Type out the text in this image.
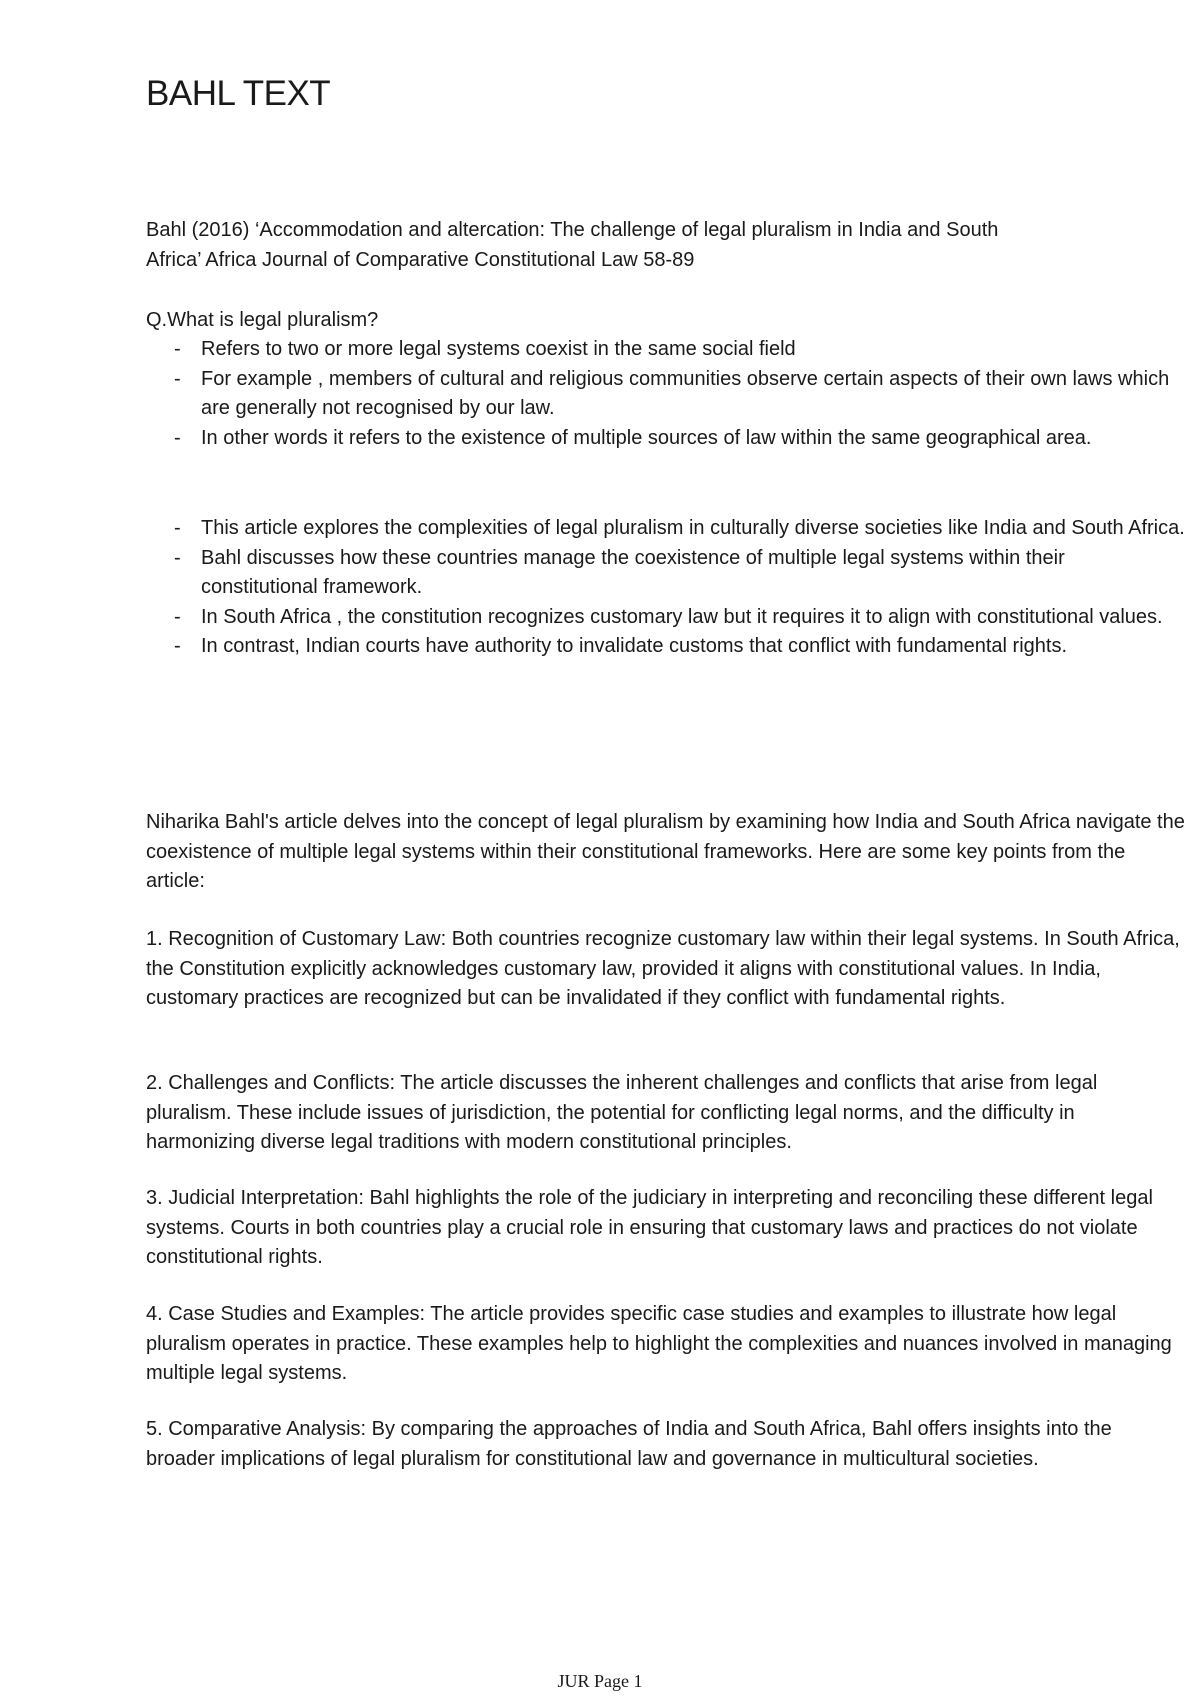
BAHL TEXT

Bahl (2016) ‘Accommodation and altercation: The challenge of legal pluralism in India and South
Africa’ Africa Journal of Comparative Constitutional Law 58-89

Q.What is legal pluralism?

- Refers to two or more legal systems coexist in the same social field
- For example , members of cultural and religious communities observe certain aspects of their own laws which are generally not recognised by our law.
- In other words it refers to the existence of multiple sources of law within the same geographical area.
- This article explores the complexities of legal pluralism in culturally diverse societies like India and South Africa.
- Bahl discusses how these countries manage the coexistence of multiple legal systems within their constitutional framework.
- In South Africa , the constitution recognizes customary law but it requires it to align with constitutional values.
- In contrast, Indian courts have authority to invalidate customs that conflict with fundamental rights.

Niharika Bahl's article delves into the concept of legal pluralism by examining how India and South Africa navigate the coexistence of multiple legal systems within their constitutional frameworks. Here are some key points from the article:

1. Recognition of Customary Law: Both countries recognize customary law within their legal systems. In South Africa, the Constitution explicitly acknowledges customary law, provided it aligns with constitutional values. In India, customary practices are recognized but can be invalidated if they conflict with fundamental rights.

2. Challenges and Conflicts: The article discusses the inherent challenges and conflicts that arise from legal pluralism. These include issues of jurisdiction, the potential for conflicting legal norms, and the difficulty in harmonizing diverse legal traditions with modern constitutional principles.

3. Judicial Interpretation: Bahl highlights the role of the judiciary in interpreting and reconciling these different legal systems. Courts in both countries play a crucial role in ensuring that customary laws and practices do not violate constitutional rights.

4. Case Studies and Examples: The article provides specific case studies and examples to illustrate how legal pluralism operates in practice. These examples help to highlight the complexities and nuances involved in managing multiple legal systems.

5. Comparative Analysis: By comparing the approaches of India and South Africa, Bahl offers insights into the broader implications of legal pluralism for constitutional law and governance in multicultural societies.

JUR Page 1
